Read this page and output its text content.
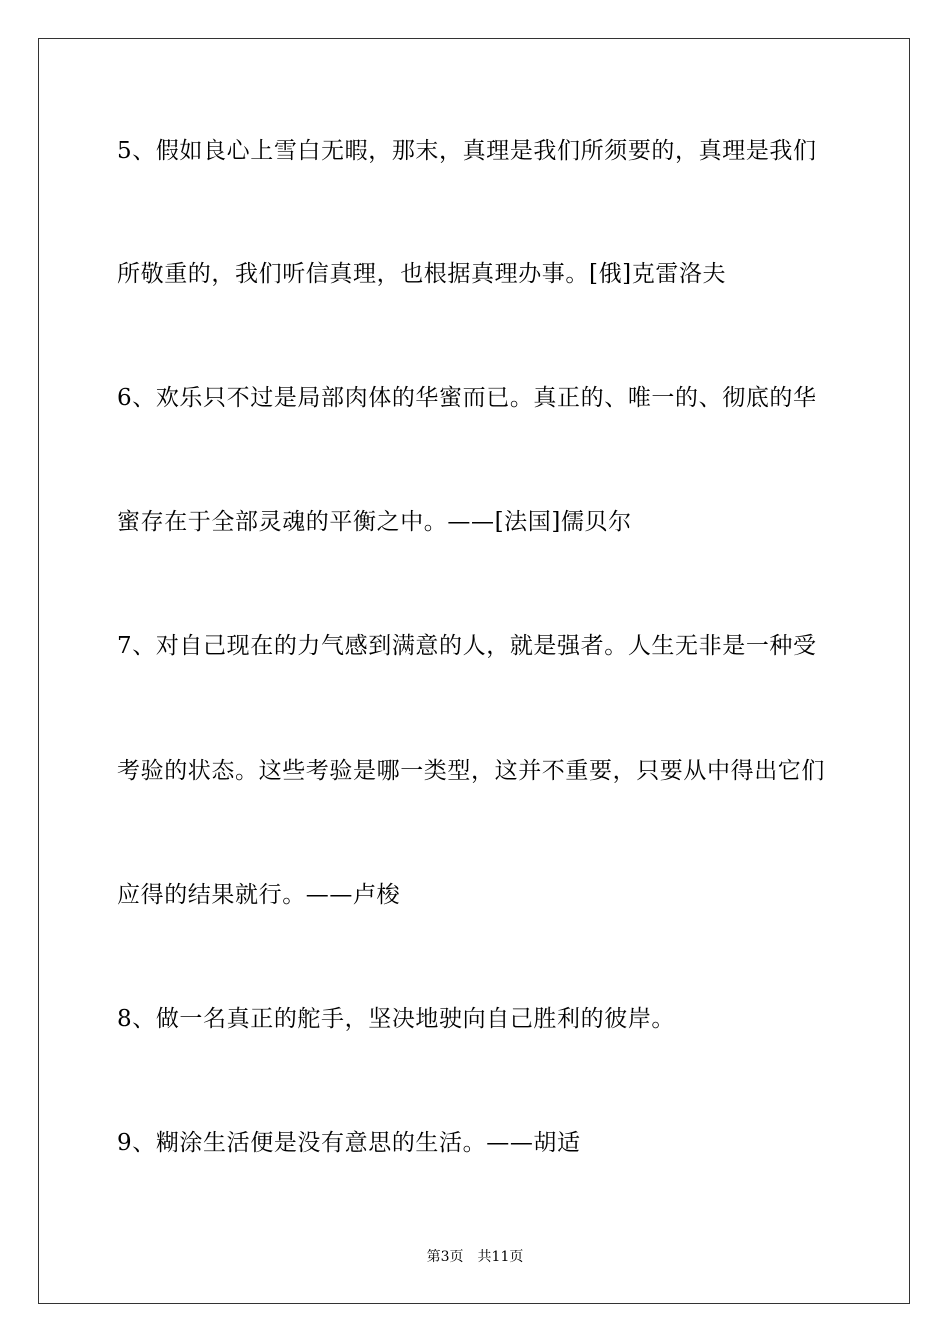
5、假如良心上雪白无暇，那末，真理是我们所须要的，真理是我们
所敬重的，我们听信真理，也根据真理办事。[俄]克雷洛夫
6、欢乐只不过是局部肉体的华蜜而已。真正的、唯一的、彻底的华
蜜存在于全部灵魂的平衡之中。——[法国]儒贝尔
7、对自己现在的力气感到满意的人，就是强者。人生无非是一种受
考验的状态。这些考验是哪一类型，这并不重要，只要从中得出它们
应得的结果就行。——卢梭
8、做一名真正的舵手，坚决地驶向自己胜利的彼岸。
9、糊涂生活便是没有意思的生活。——胡适
第3页 共11页
